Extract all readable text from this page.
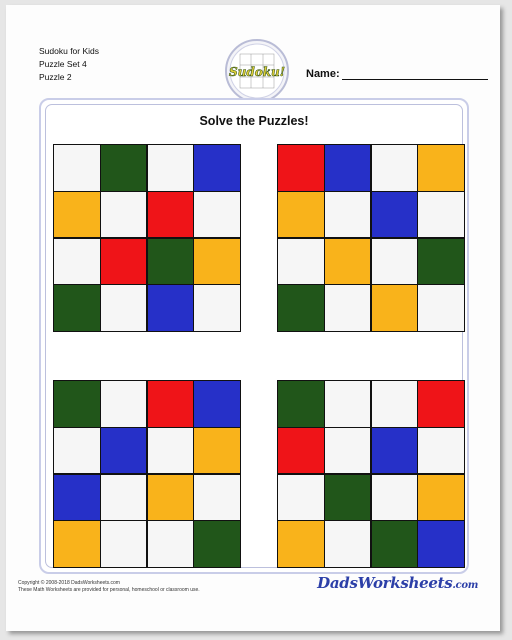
Sudoku for Kids
Puzzle Set 4
Puzzle 2	Sudoku! Name:
Solve the Puzzles!
Copyright © 2008-2018 DadsWorksheets.com
These Math Worksheets are provided for personal, homeschool or classroom use.	DadsWorksheets.com
